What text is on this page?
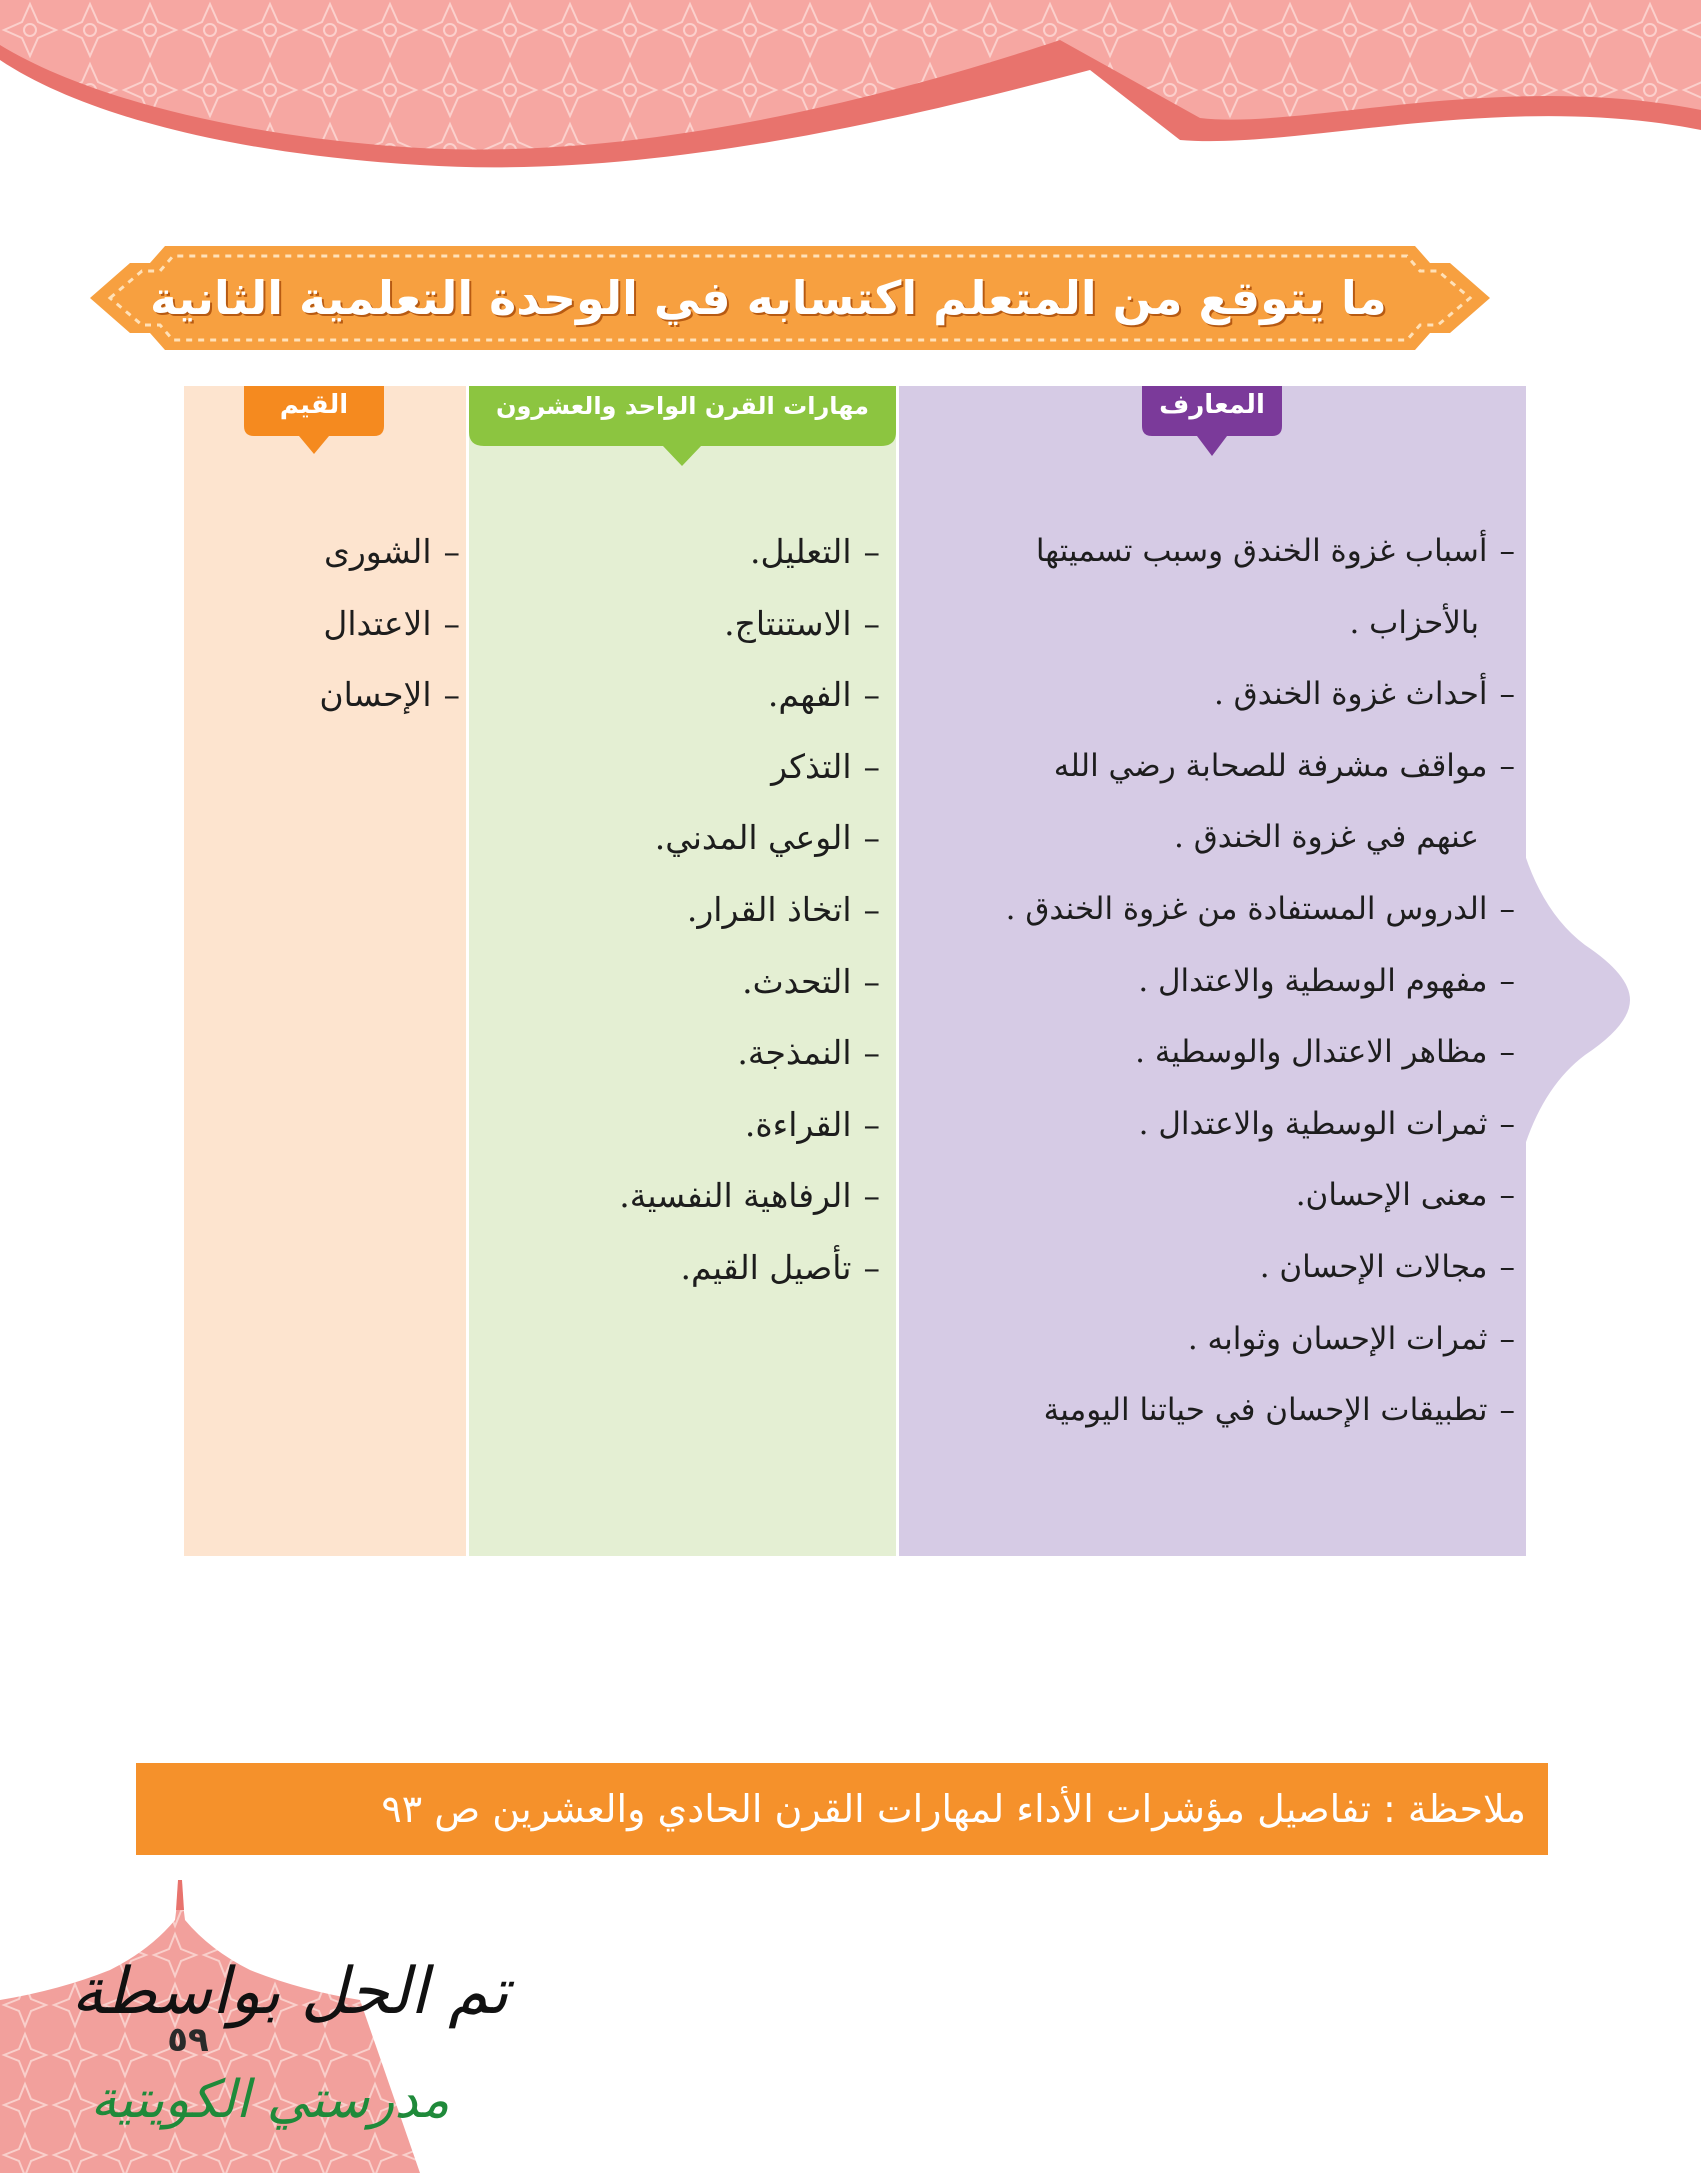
ما يتوقع من المتعلم اكتسابه في الوحدة التعلمية الثانية
المعارف
مهارات القرن الواحد والعشرون
القيم
–أسباب غزوة الخندق وسبب تسميتها
بالأحزاب .
–أحداث غزوة الخندق .
–مواقف مشرفة للصحابة رضي الله
عنهم في غزوة الخندق .
–الدروس المستفادة من غزوة الخندق .
–مفهوم الوسطية والاعتدال .
–مظاهر الاعتدال والوسطية .
–ثمرات الوسطية والاعتدال .
–معنى الإحسان.
–مجالات الإحسان .
–ثمرات الإحسان وثوابه .
–تطبيقات الإحسان في حياتنا اليومية
–التعليل.
–الاستنتاج.
–الفهم.
–التذكر
–الوعي المدني.
–اتخاذ القرار.
–التحدث.
–النمذجة.
–القراءة.
–الرفاهية النفسية.
–تأصيل القيم.
–الشورى
–الاعتدال
–الإحسان
ملاحظة : تفاصيل مؤشرات الأداء لمهارات القرن الحادي والعشرين ص ٩٣
٥٩
تم الحل بواسطة
مدرستي الكويتية
